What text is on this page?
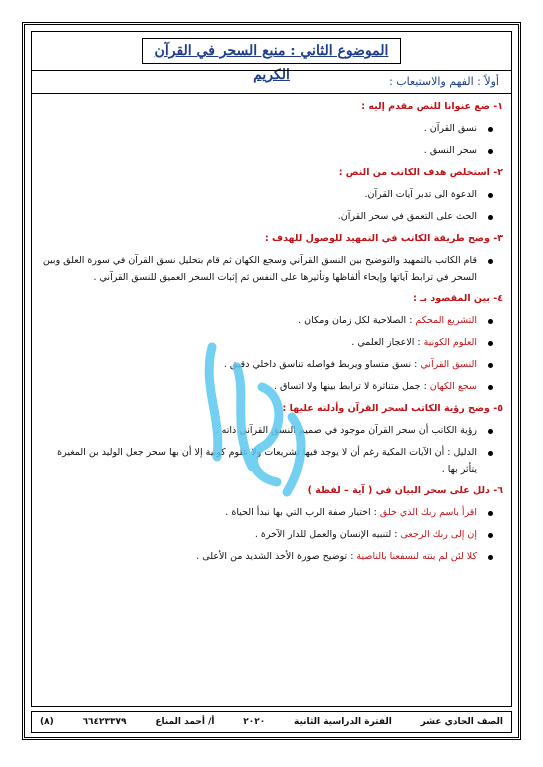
الموضوع الثاني : منبع السحر في القرآن الكريم	أولاً : الفهم والاستيعاب :
١- ضع عنوانا للنص مقدم إليه :
نسق القرآن .
سحر النسق .
٢- استخلص هدف الكاتب من النص :
الدعوة الى تدبر آيات القرآن.
الحث على التعمق في سحر القرآن.
٣- وضح طريقة الكاتب في التمهيد للوصول للهدف :
قام الكاتب بالتمهيد والتوضيح بين النسق القرآني وسجع الكهان ثم قام بتحليل نسق القرآن في سورة العلق وبين السحر في ترابط آياتها وإيحاء ألفاظها وتأثيرها على النفس ثم إثبات السحر العميق للنسق القرآني .
٤- بين المقصود بـ :
التشريع المحكم : الصلاحية لكل زمان ومكان .
العلوم الكونية : الاعجاز العلمي .
النسق القرآني : نسق متساو ويربط فواصله تناسق داخلي دقيق .
سجع الكهان : جمل متناثرة لا ترابط بينها ولا اتساق .
٥- وضح رؤية الكاتب لسحر القرآن وأدلته عليها :
رؤية الكاتب أن سحر القرآن موجود في صميم النسق القرآني ذاته .
الدليل : أن الآيات المكية رغم أن لا يوجد فيها تشريعات ولا علوم كونية إلا أن بها سحر جعل الوليد بن المغيرة يتأثر بها .
٦- دلل على سحر البيان في ( آية – لفظة )
اقرأ باسم ربك الذي خلق : اختيار صفة الرب التي بها نبدأ الحياة .
إن إلى ربك الرجعى : لتنبيه الإنسان والعمل للدار الآخرة .
كلا لئن لم ينته لنسفعنا بالناصية : توضيح صورة الأخذ الشديد من الأعلى .
الصف الحادي عشر
الفترة الدراسية الثانية
٢٠٢٠
أ/ أحمد المناع
٦٦٤٢٣٣٧٩
(٨)
